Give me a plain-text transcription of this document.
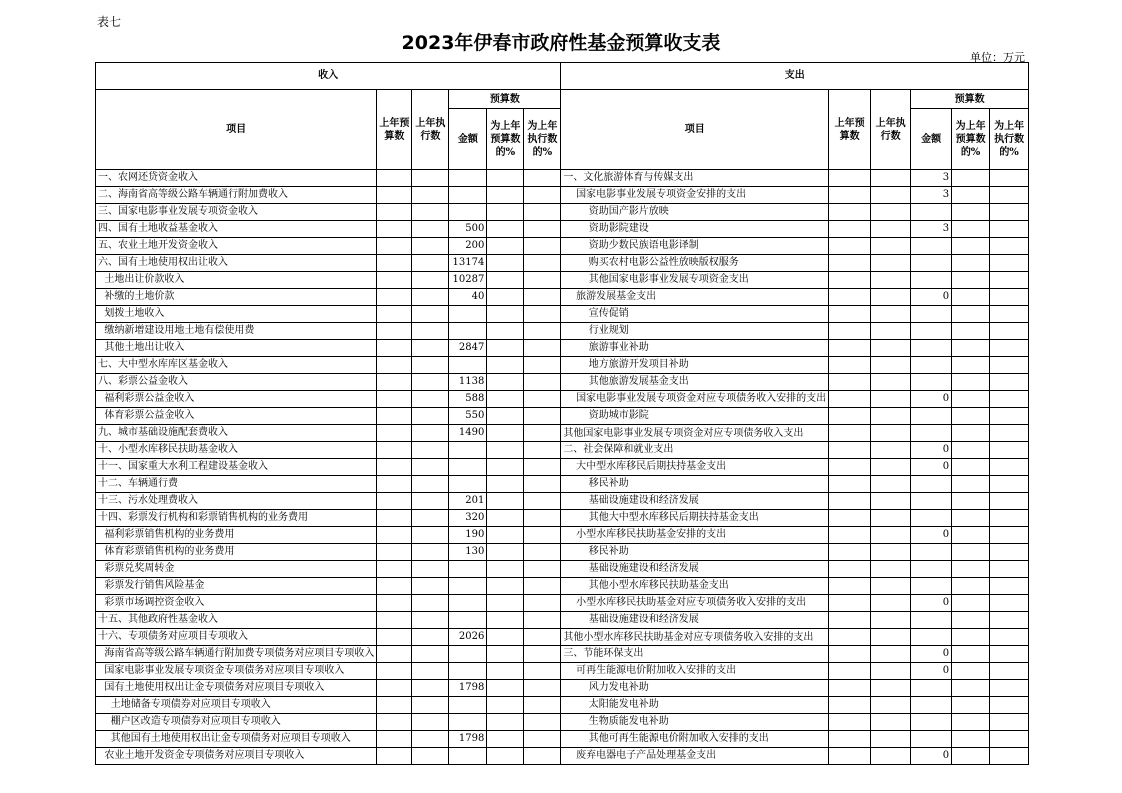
表七
2023年伊春市政府性基金预算收支表
单位：万元
收入						支出					
项目	上年预算数	上年执行数	预算数			项目	上年预算数	上年执行数	预算数		
			金额	为上年预算数的%	为上年执行数的%				金额	为上年预算数的%	为上年执行数的%
一、农网还贷资金收入						一、文化旅游体育与传媒支出			3		
二、海南省高等级公路车辆通行附加费收入						国家电影事业发展专项资金安排的支出			3		
三、国家电影事业发展专项资金收入						资助国产影片放映					
四、国有土地收益基金收入			500			资助影院建设			3		
五、农业土地开发资金收入			200			资助少数民族语电影译制					
六、国有土地使用权出让收入			13174			购买农村电影公益性放映版权服务					
土地出让价款收入			10287			其他国家电影事业发展专项资金支出					
补缴的土地价款			40			旅游发展基金支出			0		
划拨土地收入						宣传促销					
缴纳新增建设用地土地有偿使用费						行业规划					
其他土地出让收入			2847			旅游事业补助					
七、大中型水库库区基金收入						地方旅游开发项目补助					
八、彩票公益金收入			1138			其他旅游发展基金支出					
福利彩票公益金收入			588			国家电影事业发展专项资金对应专项债务收入安排的支出			0		
体育彩票公益金收入			550			资助城市影院					
九、城市基础设施配套费收入			1490			其他国家电影事业发展专项资金对应专项债务收入支出					
十、小型水库移民扶助基金收入						二、社会保障和就业支出			0		
十一、国家重大水利工程建设基金收入						大中型水库移民后期扶持基金支出			0		
十二、车辆通行费						移民补助					
十三、污水处理费收入			201			基础设施建设和经济发展					
十四、彩票发行机构和彩票销售机构的业务费用			320			其他大中型水库移民后期扶持基金支出					
福利彩票销售机构的业务费用			190			小型水库移民扶助基金安排的支出			0		
体育彩票销售机构的业务费用			130			移民补助					
彩票兑奖周转金						基础设施建设和经济发展					
彩票发行销售风险基金						其他小型水库移民扶助基金支出					
彩票市场调控资金收入						小型水库移民扶助基金对应专项债务收入安排的支出			0		
十五、其他政府性基金收入						基础设施建设和经济发展					
十六、专项债务对应项目专项收入			2026			其他小型水库移民扶助基金对应专项债务收入安排的支出					
海南省高等级公路车辆通行附加费专项债务对应项目专项收入						三、节能环保支出			0		
国家电影事业发展专项资金专项债务对应项目专项收入						可再生能源电价附加收入安排的支出			0		
国有土地使用权出让金专项债务对应项目专项收入			1798			风力发电补助					
土地储备专项债券对应项目专项收入						太阳能发电补助					
棚户区改造专项债券对应项目专项收入						生物质能发电补助					
其他国有土地使用权出让金专项债务对应项目专项收入			1798			其他可再生能源电价附加收入安排的支出					
农业土地开发资金专项债务对应项目专项收入						废弃电器电子产品处理基金支出			0		
